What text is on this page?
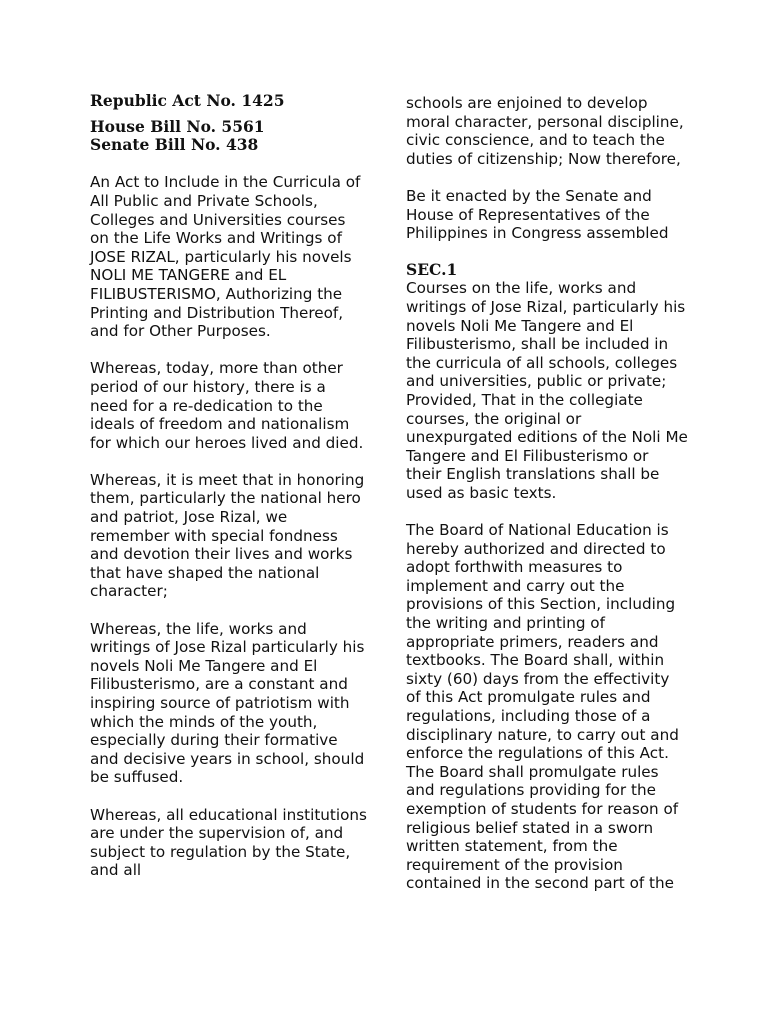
Republic Act No. 1425
House Bill No. 5561
Senate Bill No. 438

An Act to Include in the Curricula of All Public and Private Schools, Colleges and Universities courses on the Life Works and Writings of JOSE RIZAL, particularly his novels NOLI ME TANGERE and EL FILIBUSTERISMO, Authorizing the Printing and Distribution Thereof, and for Other Purposes.

Whereas, today, more than other period of our history, there is a need for a re-dedication to the ideals of freedom and nationalism for which our heroes lived and died.

Whereas, it is meet that in honoring them, particularly the national hero and patriot, Jose Rizal, we remember with special fondness and devotion their lives and works that have shaped the national character;

Whereas, the life, works and writings of Jose Rizal particularly his novels Noli Me Tangere and El Filibusterismo, are a constant and inspiring source of patriotism with which the minds of the youth, especially during their formative and decisive years in school, should be suffused.

Whereas, all educational institutions are under the supervision of, and subject to regulation by the State, and all

schools are enjoined to develop moral character, personal discipline, civic conscience, and to teach the duties of citizenship; Now therefore,

Be it enacted by the Senate and House of Representatives of the Philippines in Congress assembled

SEC.1

Courses on the life, works and writings of Jose Rizal, particularly his novels Noli Me Tangere and El Filibusterismo, shall be included in the curricula of all schools, colleges and universities, public or private; Provided, That in the collegiate courses, the original or unexpurgated editions of the Noli Me Tangere and El Filibusterismo or their English translations shall be used as basic texts.

The Board of National Education is hereby authorized and directed to adopt forthwith measures to implement and carry out the provisions of this Section, including the writing and printing of appropriate primers, readers and textbooks. The Board shall, within sixty (60) days from the effectivity of this Act promulgate rules and regulations, including those of a disciplinary nature, to carry out and enforce the regulations of this Act. The Board shall promulgate rules and regulations providing for the exemption of students for reason of religious belief stated in a sworn written statement, from the requirement of the provision contained in the second part of the
